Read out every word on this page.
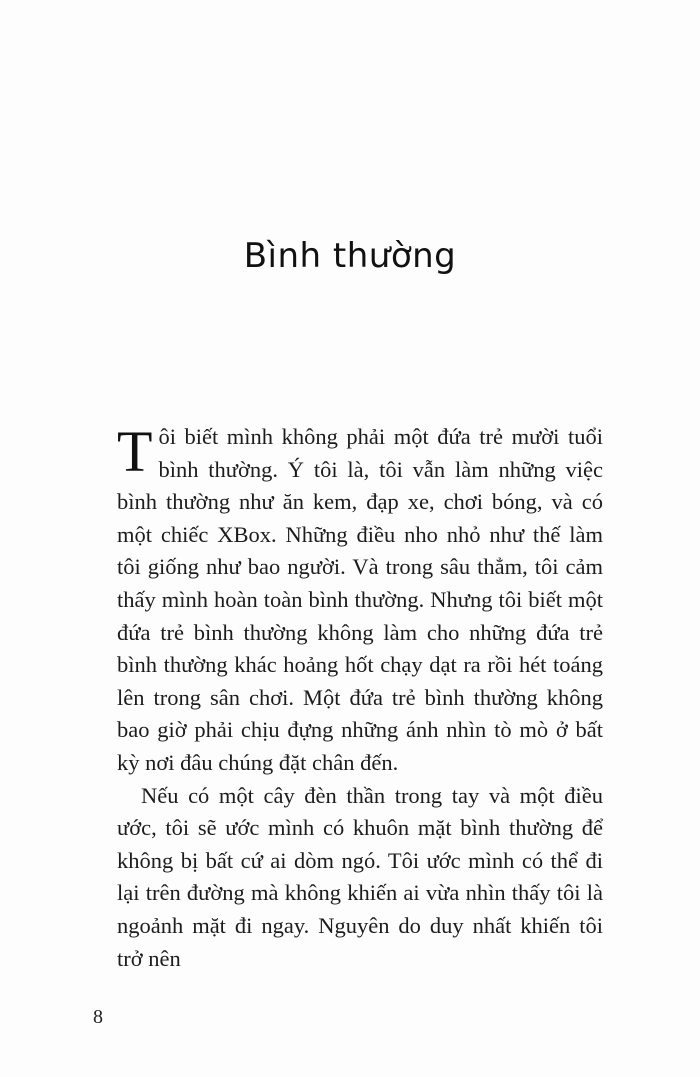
Bình thường

Tôi biết mình không phải một đứa trẻ mười tuổi bình thường. Ý tôi là, tôi vẫn làm những việc bình thường như ăn kem, đạp xe, chơi bóng, và có một chiếc XBox. Những điều nho nhỏ như thế làm tôi giống như bao người. Và trong sâu thẳm, tôi cảm thấy mình hoàn toàn bình thường. Nhưng tôi biết một đứa trẻ bình thường không làm cho những đứa trẻ bình thường khác hoảng hốt chạy dạt ra rồi hét toáng lên trong sân chơi. Một đứa trẻ bình thường không bao giờ phải chịu đựng những ánh nhìn tò mò ở bất kỳ nơi đâu chúng đặt chân đến.

Nếu có một cây đèn thần trong tay và một điều ước, tôi sẽ ước mình có khuôn mặt bình thường để không bị bất cứ ai dòm ngó. Tôi ước mình có thể đi lại trên đường mà không khiến ai vừa nhìn thấy tôi là ngoảnh mặt đi ngay. Nguyên do duy nhất khiến tôi trở nên

8
